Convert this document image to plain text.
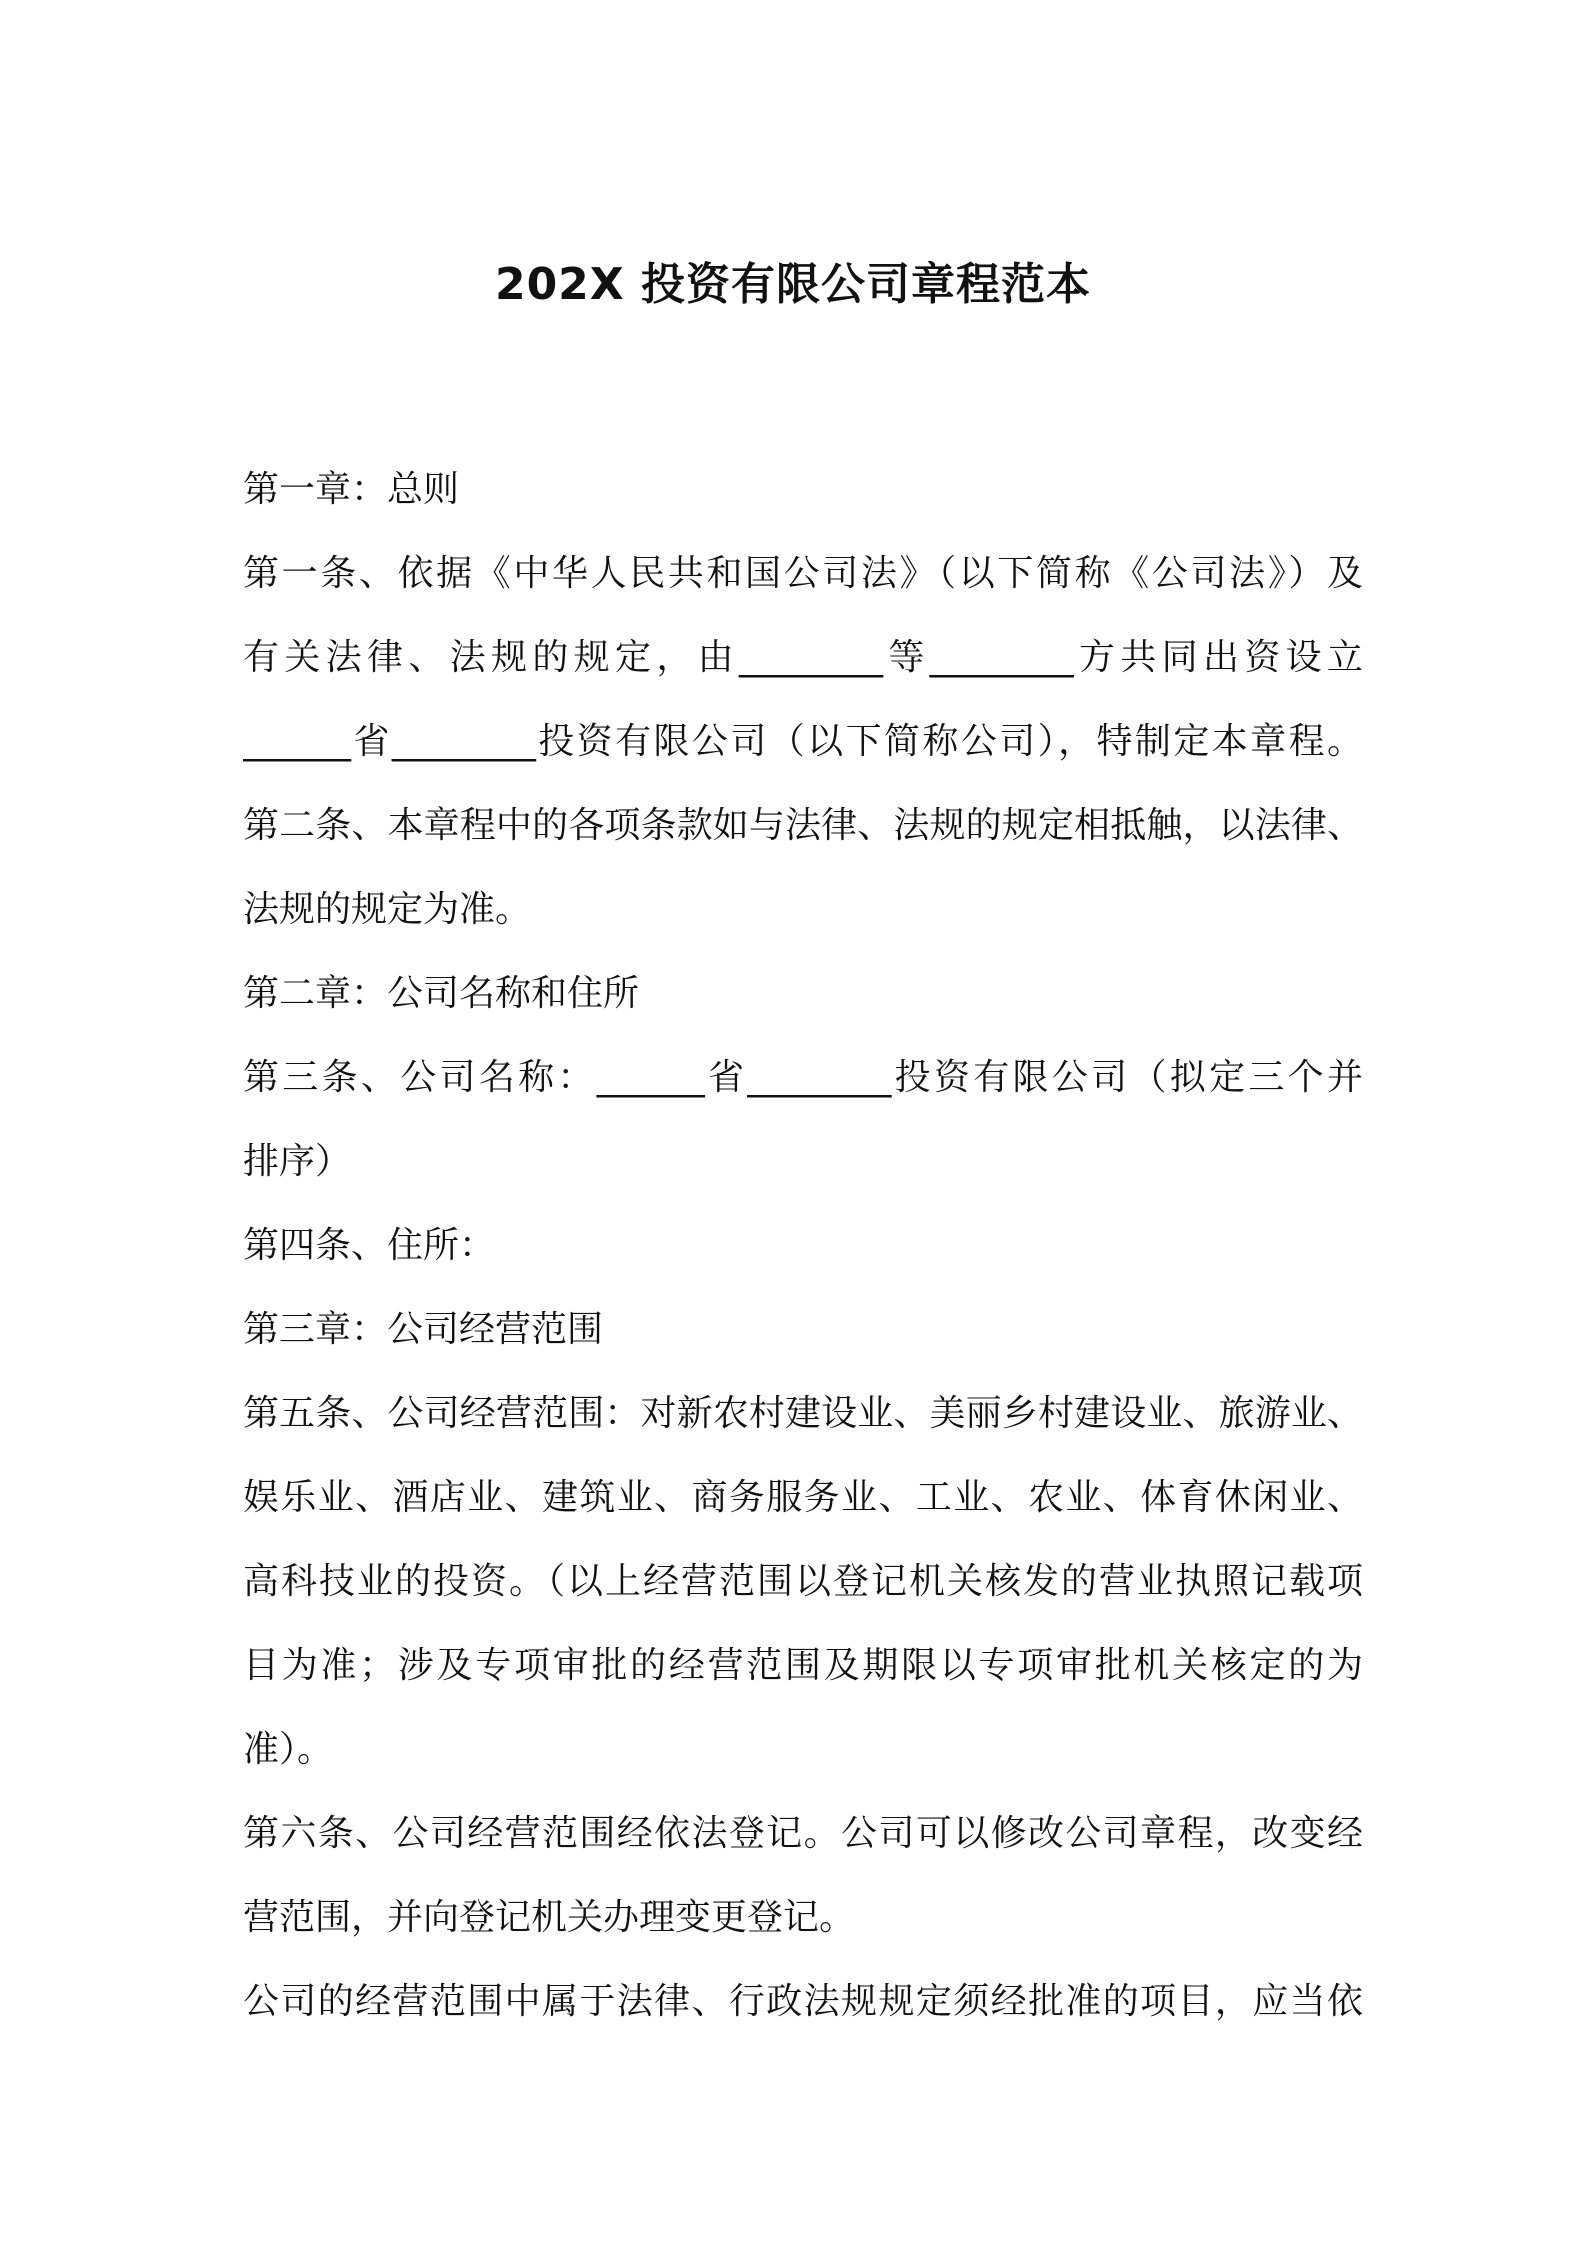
202X 投资有限公司章程范本
第一章：总则
第一条、依据《中华人民共和国公司法》（以下简称《公司法》）及
有关法律、法规的规定，由________等________方共同出资设立
______省________投资有限公司（以下简称公司），特制定本章程。
第二条、本章程中的各项条款如与法律、法规的规定相抵触，以法律、
法规的规定为准。
第二章：公司名称和住所
第三条、公司名称：______省________投资有限公司（拟定三个并
排序）
第四条、住所：
第三章：公司经营范围
第五条、公司经营范围：对新农村建设业、美丽乡村建设业、旅游业、
娱乐业、酒店业、建筑业、商务服务业、工业、农业、体育休闲业、
高科技业的投资。（以上经营范围以登记机关核发的营业执照记载项
目为准；涉及专项审批的经营范围及期限以专项审批机关核定的为
准）。
第六条、公司经营范围经依法登记。公司可以修改公司章程，改变经
营范围，并向登记机关办理变更登记。
公司的经营范围中属于法律、行政法规规定须经批准的项目，应当依
